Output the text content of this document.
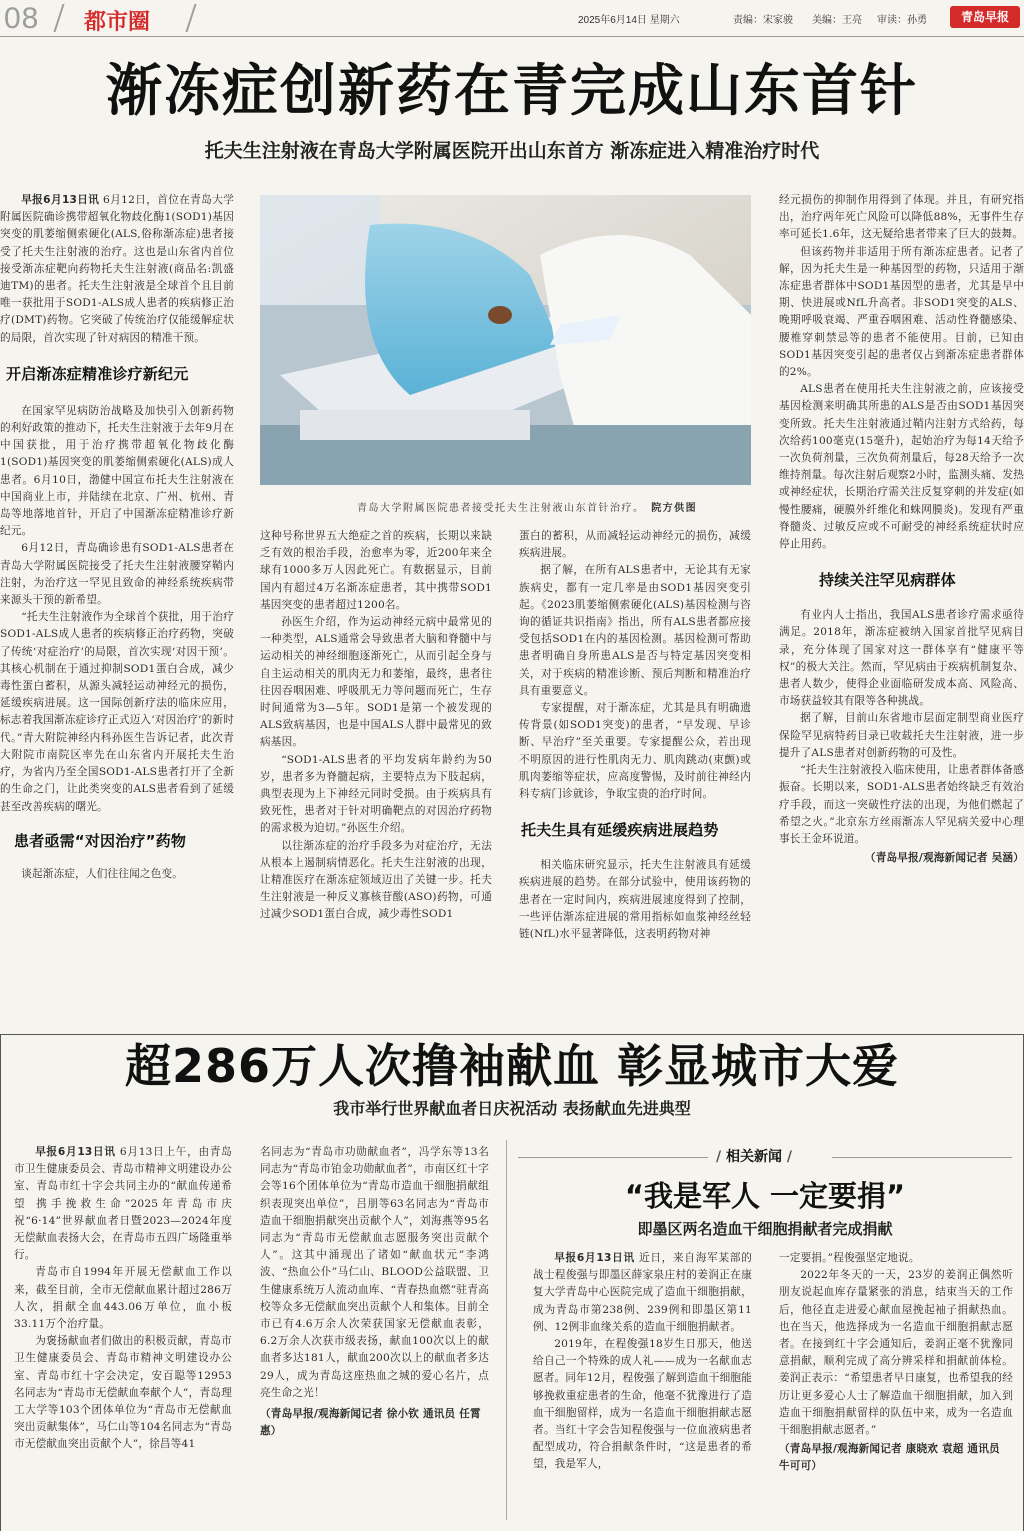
08 都市圈	2025年6月14日 星期六	责编：宋家骏 美编：王亮 审读：孙勇	青岛早报
渐冻症创新药在青完成山东首针
托夫生注射液在青岛大学附属医院开出山东首方 渐冻症进入精准治疗时代
青岛大学附属医院患者接受托夫生注射液山东首针治疗。 院方供图

早报6月13日讯 6月12日，首位在青岛大学附属医院确诊携带超氧化物歧化酶1(SOD1)基因突变的肌萎缩侧索硬化(ALS,俗称渐冻症)患者接受了托夫生注射液的治疗。这也是山东省内首位接受渐冻症靶向药物托夫生注射液(商品名:凯盛迪TM)的患者。托夫生注射液是全球首个且目前唯一获批用于SOD1-ALS成人患者的疾病修正治疗(DMT)药物。它突破了传统治疗仅能缓解症状的局限，首次实现了针对病因的精准干预。

开启渐冻症精准诊疗新纪元

在国家罕见病防治战略及加快引入创新药物的利好政策的推动下，托夫生注射液于去年9月在中国获批，用于治疗携带超氧化物歧化酶1(SOD1)基因突变的肌萎缩侧索硬化(ALS)成人患者。6月10日，渤健中国宣布托夫生注射液在中国商业上市，并陆续在北京、广州、杭州、青岛等地落地首针，开启了中国渐冻症精准诊疗新纪元。

6月12日，青岛确诊患有SOD1-ALS患者在青岛大学附属医院接受了托夫生注射液腰穿鞘内注射，为治疗这一罕见且致命的神经系统疾病带来源头干预的新希望。

“托夫生注射液作为全球首个获批，用于治疗SOD1-ALS成人患者的疾病修正治疗药物，突破了传统‘对症治疗’的局限，首次实现‘对因干预’。其核心机制在于通过抑制SOD1蛋白合成，减少毒性蛋白蓄积，从源头减轻运动神经元的损伤，延缓疾病进展。这一国际创新疗法的临床应用，标志着我国渐冻症诊疗正式迈入‘对因治疗’的新时代。”青大附院神经内科孙医生告诉记者，此次青大附院市南院区率先在山东省内开展托夫生治疗，为省内乃至全国SOD1-ALS患者打开了全新的生命之门，让此类突变的ALS患者看到了延缓甚至改善疾病的曙光。

患者亟需“对因治疗”药物

谈起渐冻症，人们往往闻之色变。

这种号称世界五大绝症之首的疾病，长期以来缺乏有效的根治手段，治愈率为零，近200年来全球有1000多万人因此死亡。有数据显示，目前国内有超过4万名渐冻症患者，其中携带SOD1基因突变的患者超过1200名。

孙医生介绍，作为运动神经元病中最常见的一种类型，ALS通常会导致患者大脑和脊髓中与运动相关的神经细胞逐渐死亡，从而引起全身与自主运动相关的肌肉无力和萎缩，最终，患者往往因吞咽困难、呼吸肌无力等问题而死亡，生存时间通常为3—5年。SOD1是第一个被发现的ALS致病基因，也是中国ALS人群中最常见的致病基因。

“SOD1-ALS患者的平均发病年龄约为50岁，患者多为脊髓起病，主要特点为下肢起病，典型表现为上下神经元同时受损。由于疾病具有致死性，患者对于针对明确靶点的对因治疗药物的需求极为迫切。”孙医生介绍。

以往渐冻症的治疗手段多为对症治疗，无法从根本上遏制病情恶化。托夫生注射液的出现，让精准医疗在渐冻症领域迈出了关键一步。托夫生注射液是一种反义寡核苷酸(ASO)药物，可通过减少SOD1蛋白合成，减少毒性SOD1

蛋白的蓄积，从而减轻运动神经元的损伤，减缓疾病进展。

据了解，在所有ALS患者中，无论其有无家族病史，都有一定几率是由SOD1基因突变引起。《2023肌萎缩侧索硬化(ALS)基因检测与咨询的循证共识指南》指出，所有ALS患者都应接受包括SOD1在内的基因检测。基因检测可帮助患者明确自身所患ALS是否与特定基因突变相关，对于疾病的精准诊断、预后判断和精准治疗具有重要意义。

专家提醒，对于渐冻症，尤其是具有明确遗传背景(如SOD1突变)的患者，“早发现、早诊断、早治疗”至关重要。专家提醒公众，若出现不明原因的进行性肌肉无力、肌肉跳动(束颤)或肌肉萎缩等症状，应高度警惕，及时前往神经内科专病门诊就诊，争取宝贵的治疗时间。

托夫生具有延缓疾病进展趋势

相关临床研究显示，托夫生注射液具有延缓疾病进展的趋势。在部分试验中，使用该药物的患者在一定时间内，疾病进展速度得到了控制，一些评估渐冻症进展的常用指标如血浆神经丝轻链(NfL)水平显著降低，这表明药物对神

经元损伤的抑制作用得到了体现。并且，有研究指出，治疗两年死亡风险可以降低88%，无事件生存率可延长1.6年，这无疑给患者带来了巨大的鼓舞。

但该药物并非适用于所有渐冻症患者。记者了解，因为托夫生是一种基因型的药物，只适用于渐冻症患者群体中SOD1基因型的患者，尤其是早中期、快进展或NfL升高者。非SOD1突变的ALS、晚期呼吸衰竭、严重吞咽困难、活动性脊髓感染、腰椎穿刺禁忌等的患者不能使用。目前，已知由SOD1基因突变引起的患者仅占到渐冻症患者群体的2%。

ALS患者在使用托夫生注射液之前，应该接受基因检测来明确其所患的ALS是否由SOD1基因突变所致。托夫生注射液通过鞘内注射方式给药，每次给药100毫克(15毫升)，起始治疗为每14天给予一次负荷剂量，三次负荷剂量后，每28天给予一次维持剂量。每次注射后观察2小时，监测头痛、发热或神经症状，长期治疗需关注反复穿刺的并发症(如慢性腰痛，硬膜外纤维化和蛛网膜炎)。发现有严重脊髓炎、过敏反应或不可耐受的神经系统症状时应停止用药。

持续关注罕见病群体

有业内人士指出，我国ALS患者诊疗需求亟待满足。2018年，渐冻症被纳入国家首批罕见病目录，充分体现了国家对这一群体享有“健康平等权”的极大关注。然而，罕见病由于疾病机制复杂、患者人数少，使得企业面临研发成本高、风险高、市场获益较其有限等各种挑战。

据了解，目前山东省地市层面定制型商业医疗保险罕见病特药目录已收载托夫生注射液，进一步提升了ALS患者对创新药物的可及性。

“托夫生注射液投入临床使用，让患者群体备感振奋。长期以来，SOD1-ALS患者始终缺乏有效治疗手段，而这一突破性疗法的出现，为他们燃起了希望之火。”北京东方丝雨渐冻人罕见病关爱中心理事长王金环说道。

（青岛早报/观海新闻记者 吴涵）
超286万人次撸袖献血 彰显城市大爱
我市举行世界献血者日庆祝活动 表扬献血先进典型

早报6月13日讯 6月13日上午，由青岛市卫生健康委员会、青岛市精神文明建设办公室、青岛市红十字会共同主办的“献血传递希望 携手挽救生命”2025年青岛市庆祝“6·14”世界献血者日暨2023—2024年度无偿献血表扬大会，在青岛市五四广场隆重举行。

青岛市自1994年开展无偿献血工作以来，截至目前，全市无偿献血累计超过286万人次，捐献全血443.06万单位，血小板33.11万个治疗量。

为褒扬献血者们做出的积极贡献，青岛市卫生健康委员会、青岛市精神文明建设办公室、青岛市红十字会决定，安百聪等12953名同志为“青岛市无偿献血奉献个人”，青岛理工大学等103个团体单位为“青岛市无偿献血突出贡献集体”，马仁山等104名同志为“青岛市无偿献血突出贡献个人”，徐昌等41

名同志为“青岛市功勋献血者”，冯学东等13名同志为“青岛市铂金功勋献血者”，市南区红十字会等16个团体单位为“青岛市造血干细胞捐献组织表现突出单位”，吕朋等63名同志为“青岛市造血干细胞捐献突出贡献个人”，刘海燕等95名同志为“青岛市无偿献血志愿服务突出贡献个人”。这其中涌现出了诸如“献血状元”李鸿波、“热血公仆”马仁山、BLOOD公益联盟、卫生健康系统万人流动血库、“青春热血燃”驻青高校等众多无偿献血突出贡献个人和集体。目前全市已有4.6万余人次荣获国家无偿献血表彰，6.2万余人次获市级表扬，献血100次以上的献血者多达181人，献血200次以上的献血者多达29人，成为青岛这座热血之城的爱心名片，点亮生命之光！

（青岛早报/观海新闻记者 徐小钦 通讯员 任霄惠）
/ 相关新闻 /
“我是军人 一定要捐”
即墨区两名造血干细胞捐献者完成捐献

早报6月13日讯 近日，来自海军某部的战士程俊强与即墨区薛家泉庄村的姜润正在康复大学青岛中心医院完成了造血干细胞捐献，成为青岛市第238例、239例和即墨区第11例、12例非血缘关系的造血干细胞捐献者。

2019年，在程俊强18岁生日那天，他送给自己一个特殊的成人礼——成为一名献血志愿者。同年12月，程俊强了解到造血干细胞能够挽救重症患者的生命，他毫不犹豫进行了造血干细胞留样，成为一名造血干细胞捐献志愿者。当红十字会告知程俊强与一位血液病患者配型成功，符合捐献条件时，“这是患者的希望，我是军人，

一定要捐。”程俊强坚定地说。

2022年冬天的一天，23岁的姜润正偶然听朋友说起血库存量紧张的消息，结束当天的工作后，他径直走进爱心献血屋挽起袖子捐献热血。也在当天，他选择成为一名造血干细胞捐献志愿者。在接到红十字会通知后，姜润正毫不犹豫同意捐献，顺利完成了高分辨采样和捐献前体检。姜润正表示：“希望患者早日康复，也希望我的经历让更多爱心人士了解造血干细胞捐献，加入到造血干细胞捐献留样的队伍中来，成为一名造血干细胞捐献志愿者。”

（青岛早报/观海新闻记者 康晓欢 袁超 通讯员 牛可可）
